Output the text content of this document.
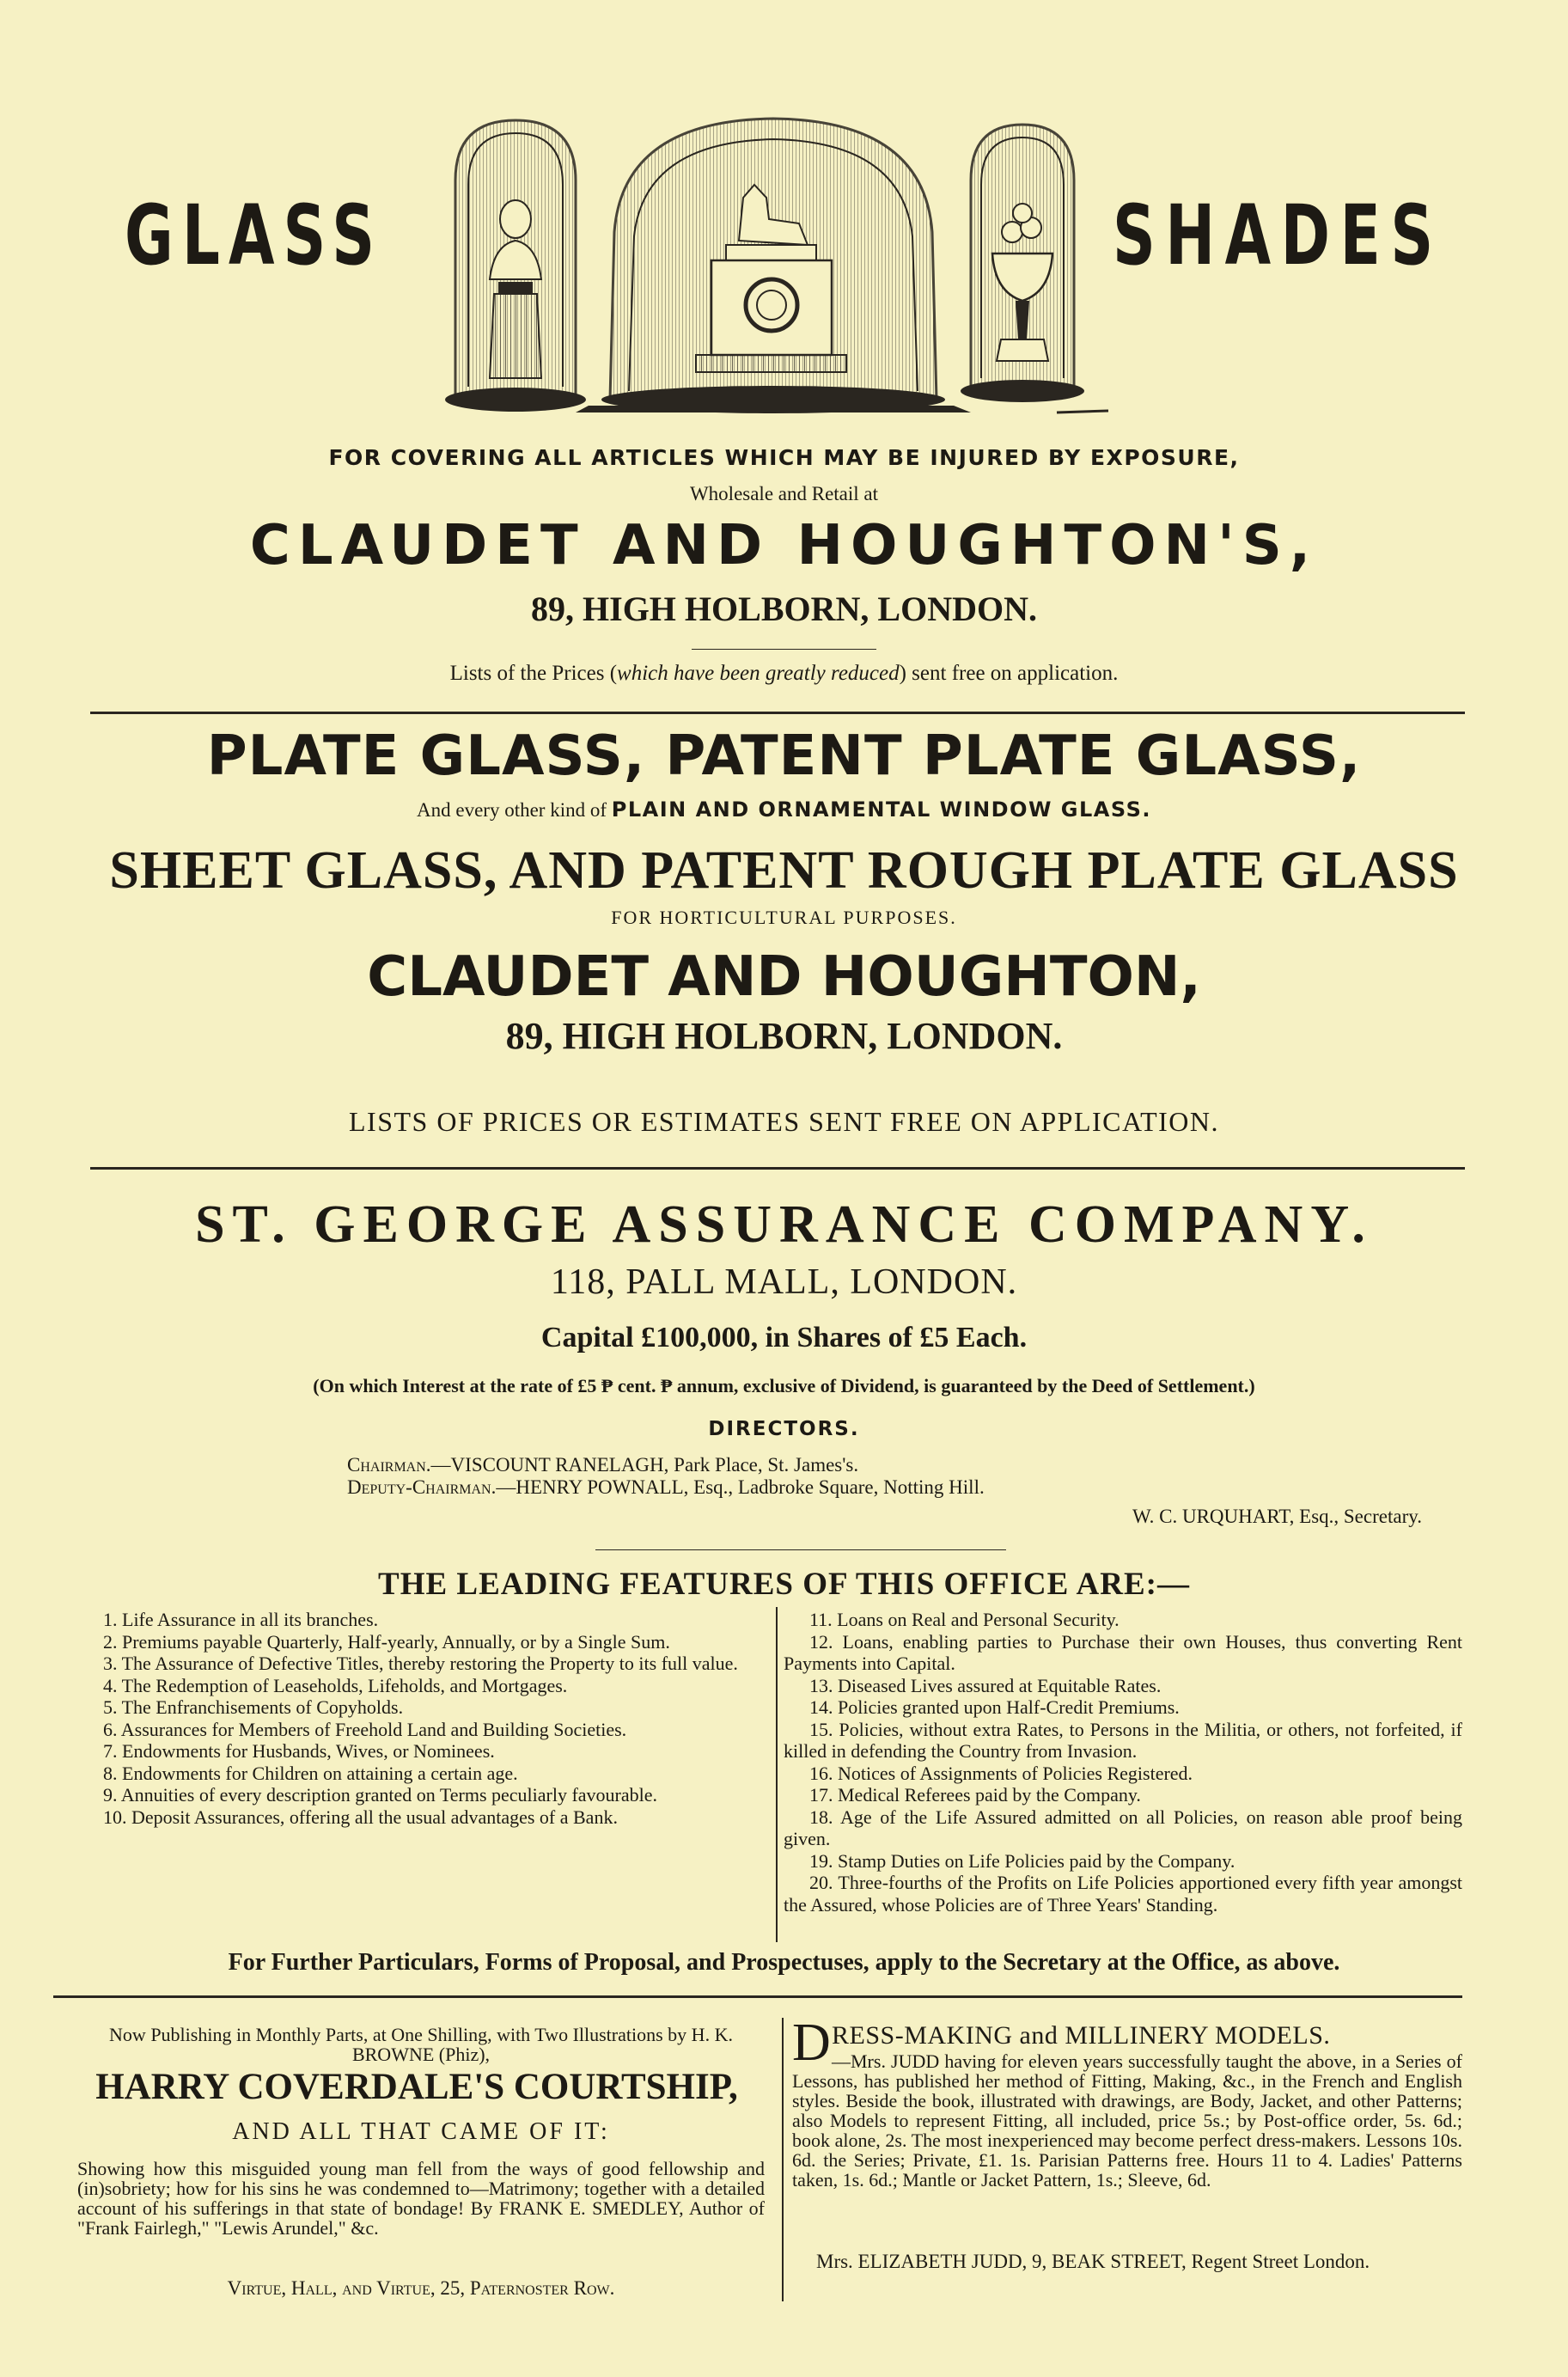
GLASS	SHADES
FOR COVERING ALL ARTICLES WHICH MAY BE INJURED BY EXPOSURE,
Wholesale and Retail at
CLAUDET AND HOUGHTON'S,
89, HIGH HOLBORN, LONDON.
Lists of the Prices (which have been greatly reduced) sent free on application.
PLATE GLASS, PATENT PLATE GLASS,
And every other kind of PLAIN AND ORNAMENTAL WINDOW GLASS.
SHEET GLASS, AND PATENT ROUGH PLATE GLASS
FOR HORTICULTURAL PURPOSES.
CLAUDET AND HOUGHTON,
89, HIGH HOLBORN, LONDON.
LISTS OF PRICES OR ESTIMATES SENT FREE ON APPLICATION.
ST. GEORGE ASSURANCE COMPANY.
118, PALL MALL, LONDON.
Capital £100,000, in Shares of £5 Each.
(On which Interest at the rate of £5 ₱ cent. ₱ annum, exclusive of Dividend, is guaranteed by the Deed of Settlement.)
DIRECTORS.
Chairman.—VISCOUNT RANELAGH, Park Place, St. James's.
Deputy-Chairman.—HENRY POWNALL, Esq., Ladbroke Square, Notting Hill.
W. C. URQUHART, Esq., Secretary.
THE LEADING FEATURES OF THIS OFFICE ARE:—
1. Life Assurance in all its branches.
2. Premiums payable Quarterly, Half-yearly, Annually, or by a Single Sum.
3. The Assurance of Defective Titles, thereby restoring the Property to its full value.
4. The Redemption of Leaseholds, Lifeholds, and Mortgages.
5. The Enfranchisements of Copyholds.
6. Assurances for Members of Freehold Land and Building Societies.
7. Endowments for Husbands, Wives, or Nominees.
8. Endowments for Children on attaining a certain age.
9. Annuities of every description granted on Terms peculiarly favourable.
10. Deposit Assurances, offering all the usual advantages of a Bank.
11. Loans on Real and Personal Security.
12. Loans, enabling parties to Purchase their own Houses, thus converting Rent Payments into Capital.
13. Diseased Lives assured at Equitable Rates.
14. Policies granted upon Half-Credit Premiums.
15. Policies, without extra Rates, to Persons in the Militia, or others, not forfeited, if killed in defending the Country from Invasion.
16. Notices of Assignments of Policies Registered.
17. Medical Referees paid by the Company.
18. Age of the Life Assured admitted on all Policies, on reason able proof being given.
19. Stamp Duties on Life Policies paid by the Company.
20. Three-fourths of the Profits on Life Policies apportioned every fifth year amongst the Assured, whose Policies are of Three Years' Standing.
For Further Particulars, Forms of Proposal, and Prospectuses, apply to the Secretary at the Office, as above.
Now Publishing in Monthly Parts, at One Shilling, with Two Illustrations by H. K. BROWNE (Phiz),
HARRY COVERDALE'S COURTSHIP,
AND ALL THAT CAME OF IT:
Showing how this misguided young man fell from the ways of good fellowship and (in)sobriety; how for his sins he was condemned to—Matrimony; together with a detailed account of his sufferings in that state of bondage! By FRANK E. SMEDLEY, Author of "Frank Fairlegh," "Lewis Arundel," &c.
Virtue, Hall, and Virtue, 25, Paternoster Row.
D RESS-MAKING and MILLINERY MODELS.
—Mrs. JUDD having for eleven years successfully taught the above, in a Series of Lessons, has published her method of Fitting, Making, &c., in the French and English styles. Beside the book, illustrated with drawings, are Body, Jacket, and other Patterns; also Models to represent Fitting, all included, price 5s.; by Post-office order, 5s. 6d.; book alone, 2s. The most inexperienced may become perfect dress-makers. Lessons 10s. 6d. the Series; Private, £1. 1s. Parisian Patterns free. Hours 11 to 4. Ladies' Patterns taken, 1s. 6d.; Mantle or Jacket Pattern, 1s.; Sleeve, 6d.
Mrs. ELIZABETH JUDD, 9, BEAK STREET, Regent Street London.
